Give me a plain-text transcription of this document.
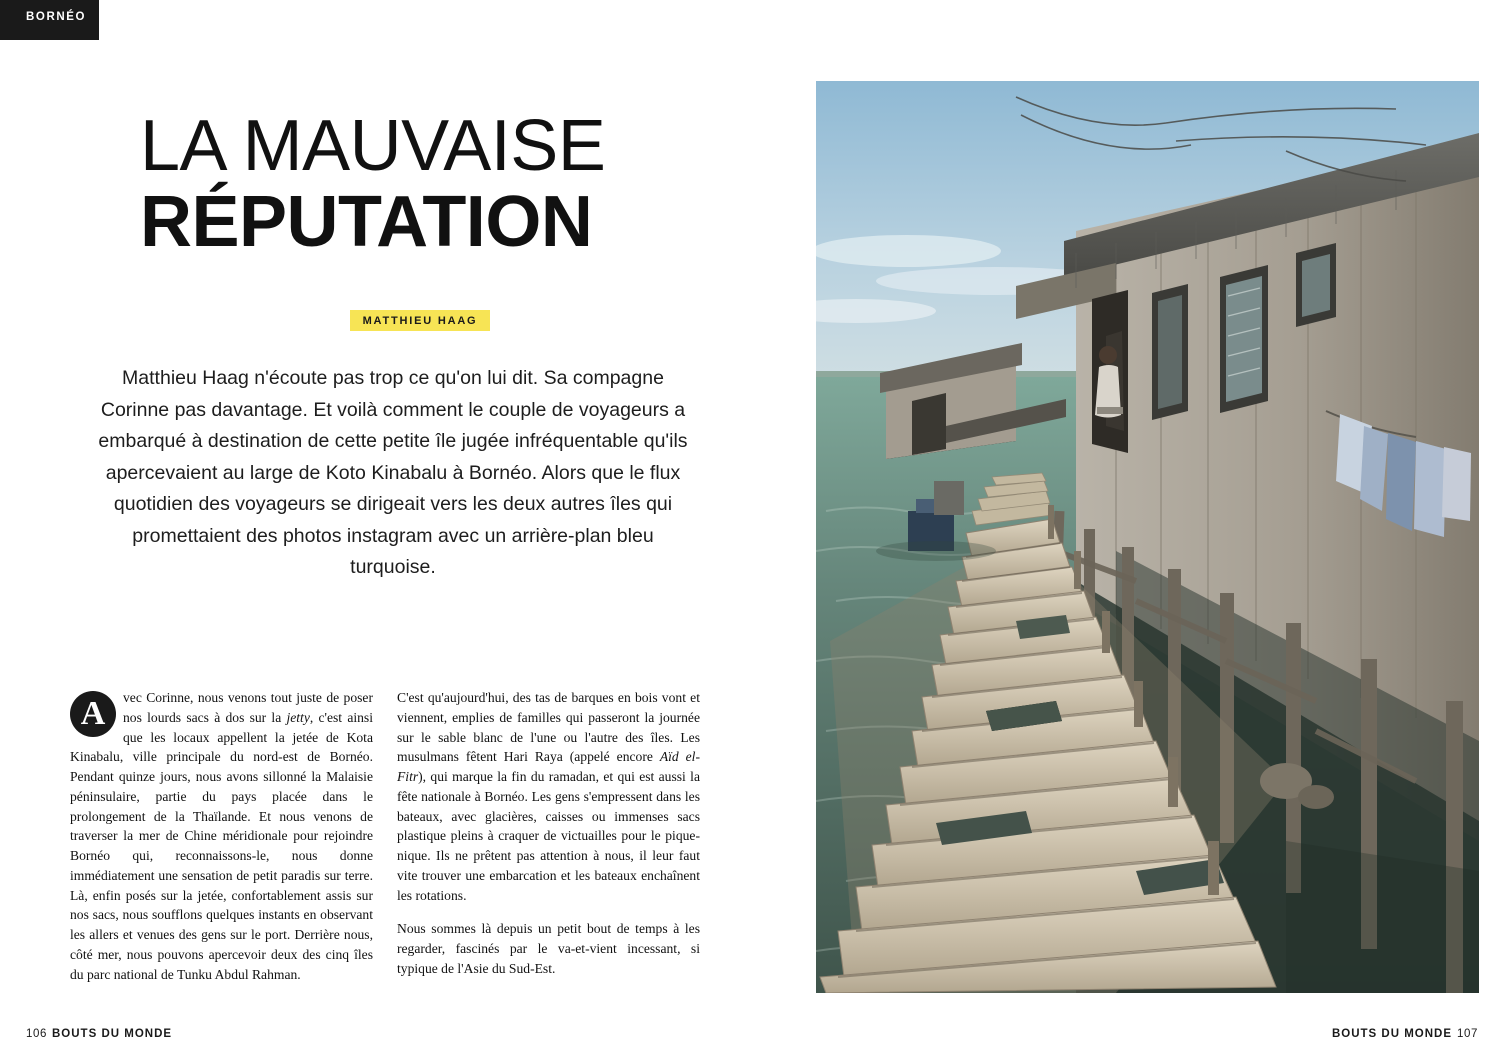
BORNÉO
LA MAUVAISE
RÉPUTATION
MATTHIEU HAAG
Matthieu Haag n'écoute pas trop ce qu'on lui dit. Sa compagne Corinne pas davantage. Et voilà comment le couple de voyageurs a embarqué à destination de cette petite île jugée infréquentable qu'ils apercevaient au large de Koto Kinabalu à Bornéo. Alors que le flux quotidien des voyageurs se dirigeait vers les deux autres îles qui promettaient des photos instagram avec un arrière-plan bleu turquoise.

A	vec Corinne, nous venons tout juste de poser nos lourds sacs à dos sur la jetty, c'est ainsi que les locaux appellent la jetée de Kota Kinabalu, ville principale du nord-est de Bornéo. Pendant quinze jours, nous avons sillonné la Malaisie péninsulaire, partie du pays placée dans le prolongement de la Thaïlande. Et nous venons de traverser la mer de Chine méridionale pour rejoindre Bornéo qui, reconnaissons-le, nous donne immédiatement une sensation de petit paradis sur terre. Là, enfin posés sur la jetée, confortablement assis sur nos sacs, nous soufflons quelques instants en observant les allers et venues des gens sur le port. Derrière nous, côté mer, nous pouvons apercevoir deux des cinq îles du parc national de Tunku Abdul Rahman.

C'est qu'aujourd'hui, des tas de barques en bois vont et viennent, emplies de familles qui passeront la journée sur le sable blanc de l'une ou l'autre des îles. Les musulmans fêtent Hari Raya (appelé encore Aïd el-Fitr), qui marque la fin du ramadan, et qui est aussi la fête nationale à Bornéo. Les gens s'empressent dans les bateaux, avec glacières, caisses ou immenses sacs plastique pleins à craquer de victuailles pour le pique-nique. Ils ne prêtent pas attention à nous, il leur faut vite trouver une embarcation et les bateaux enchaînent les rotations.

Nous sommes là depuis un petit bout de temps à les regarder, fascinés par le va-et-vient incessant, si typique de l'Asie du Sud-Est.

106 BOUTS DU MONDE	BOUTS DU MONDE 107
